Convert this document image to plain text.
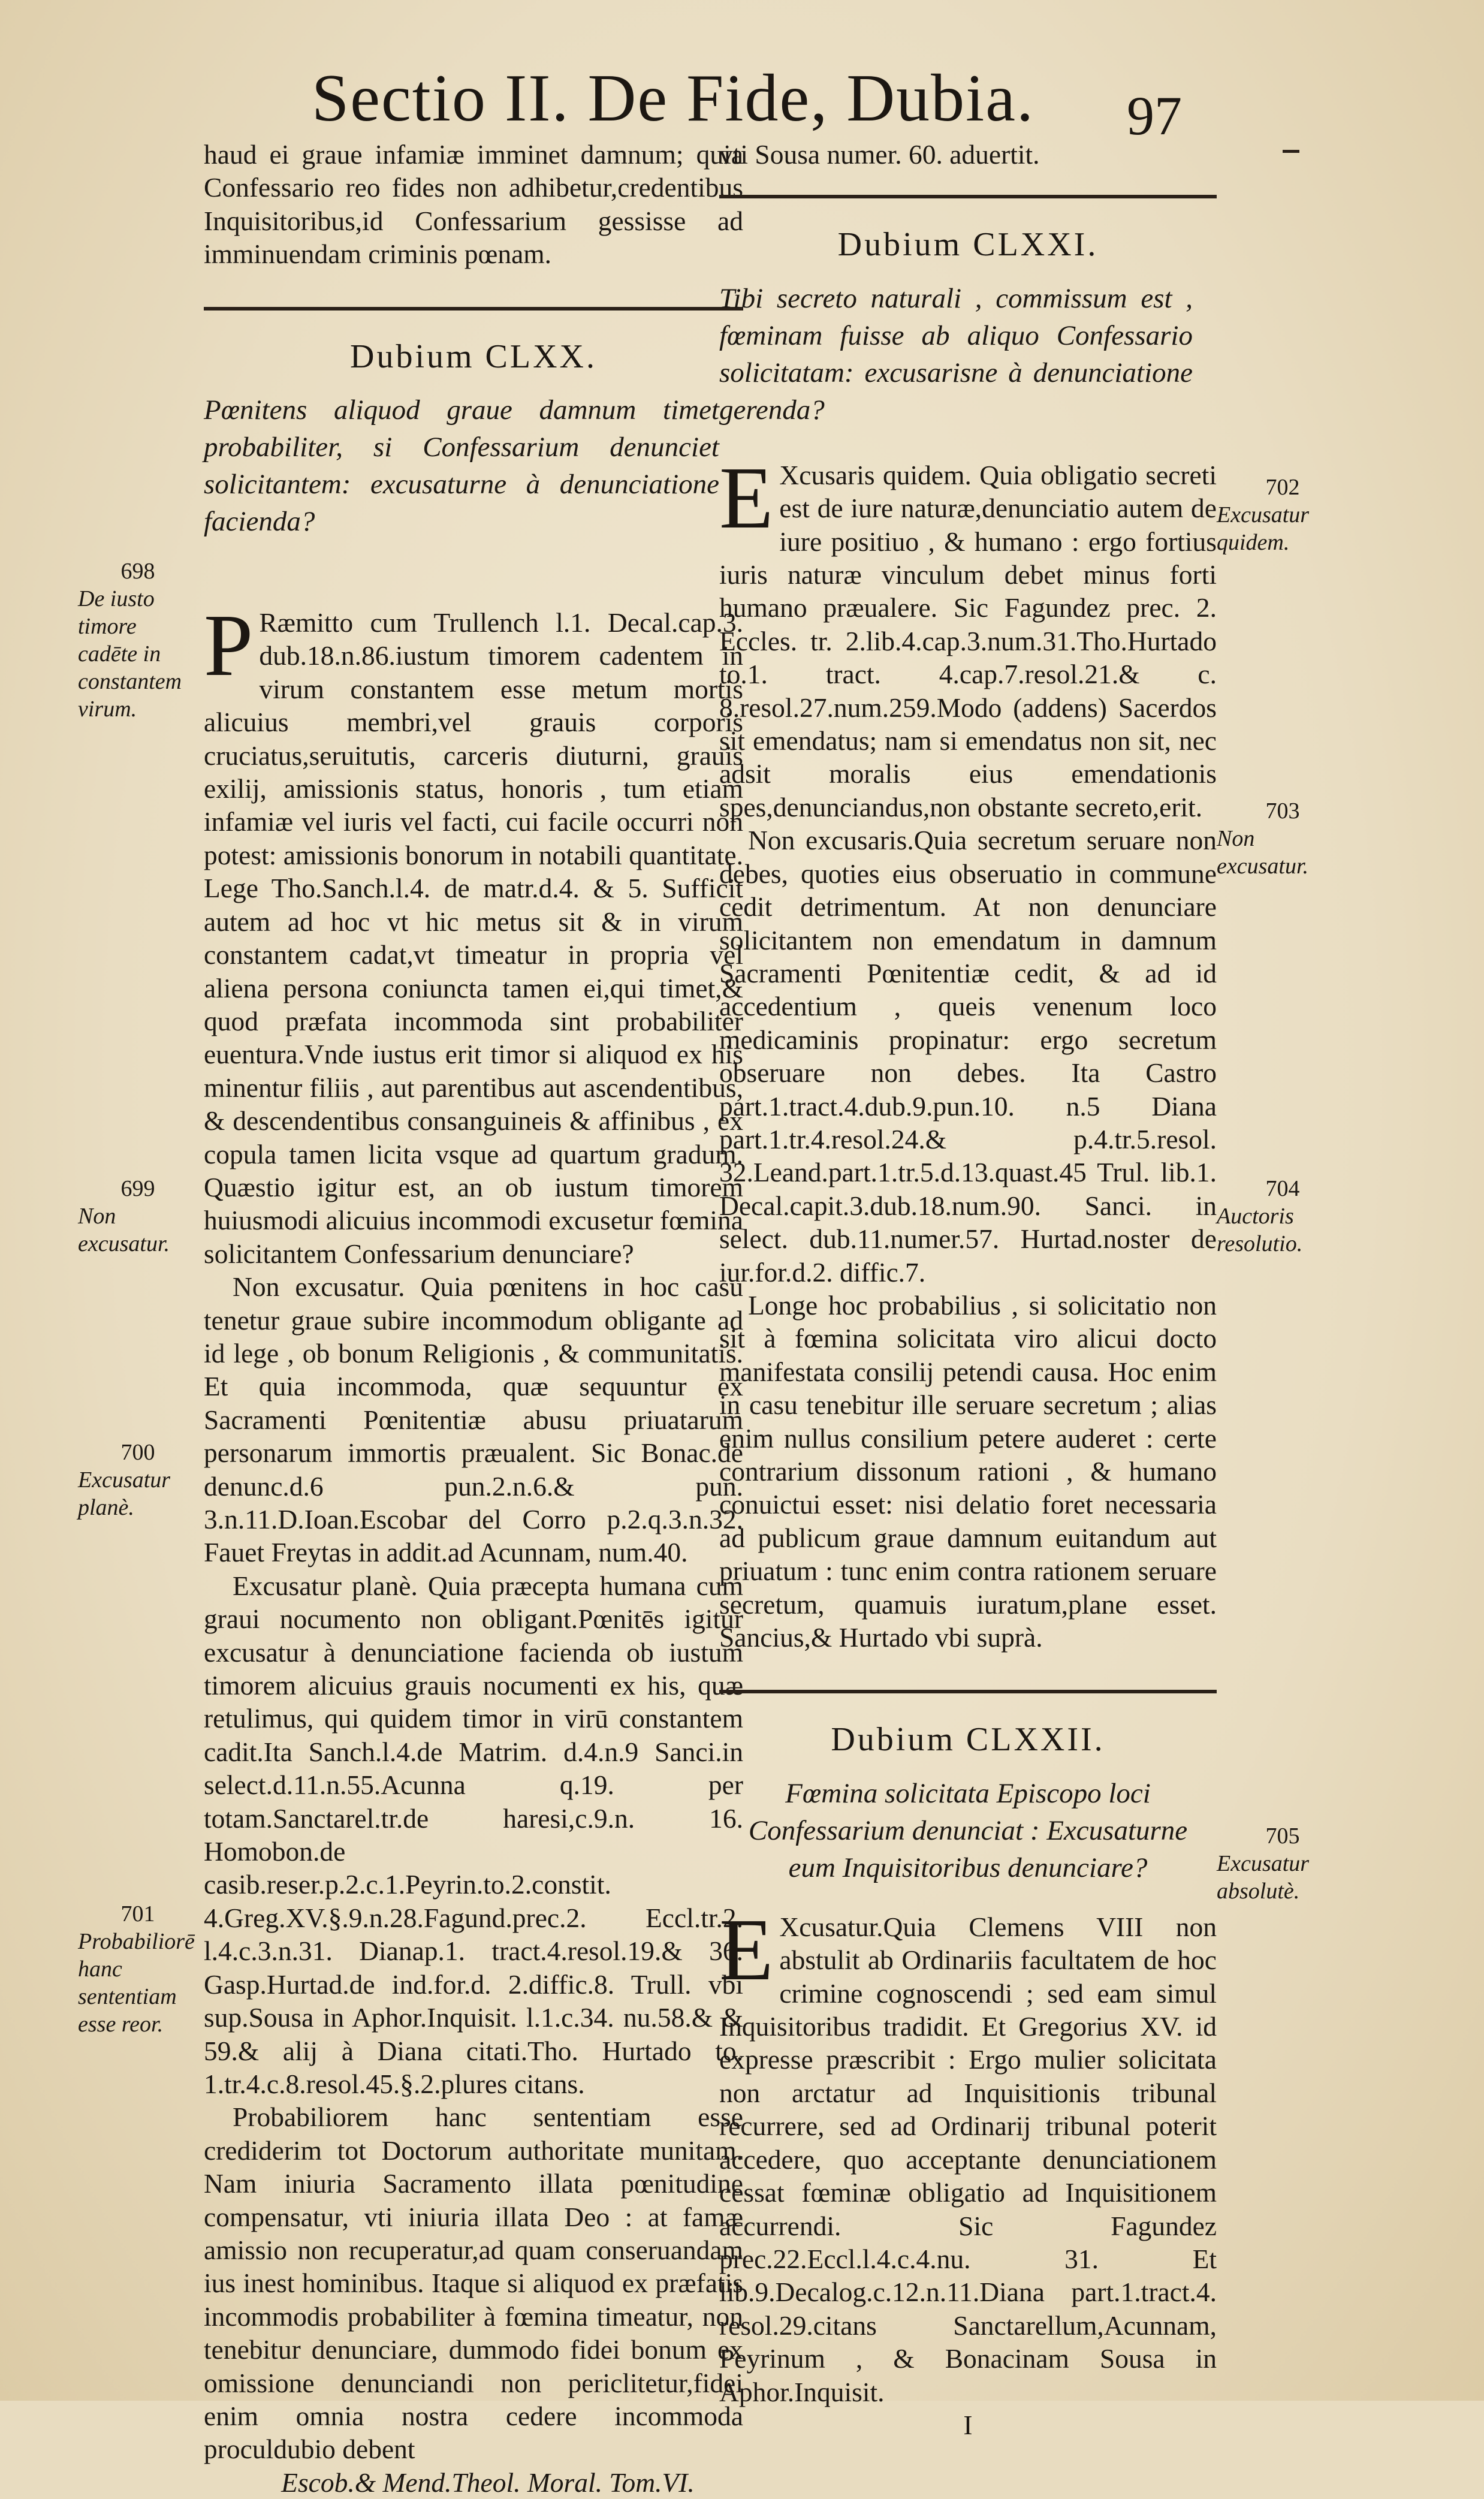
Sectio II. De Fide, Dubia. 97

haud ei graue infamiæ imminet damnum; quia Confessario reo fides non adhibetur,credentibus Inquisitoribus,id Confessarium gessisse ad imminuendam criminis pœnam.

Dubium CLXX.
Pœnitens aliquod graue damnum timet probabiliter, si Confessarium denunciet solicitantem: excusaturne à denunciatione facienda?

P Ræmitto cum Trullench l.1. Decal.cap.3. dub.18.n.86.iustum timorem cadentem in virum constantem esse metum mortis alicuius membri,vel grauis corporis cruciatus,seruitutis, carceris diuturni, grauis exilij, amissionis status, honoris , tum etiam infamiæ vel iuris vel facti, cui facile occurri non potest: amissionis bonorum in notabili quantitate. Lege Tho.Sanch.l.4. de matr.d.4. & 5. Sufficit autem ad hoc vt hic metus sit & in virum constantem cadat,vt timeatur in propria vel aliena persona coniuncta tamen ei,qui timet,& quod præfata incommoda sint probabiliter euentura.Vnde iustus erit timor si aliquod ex his minentur filiis , aut parentibus aut ascendentibus, & descendentibus consanguineis & affinibus , ex copula tamen licita vsque ad quartum gradum. Quæstio igitur est, an ob iustum timorem huiusmodi alicuius incommodi excusetur fœmina solicitantem Confessarium denunciare?

Non excusatur. Quia pœnitens in hoc casu tenetur graue subire incommodum obligante ad id lege , ob bonum Religionis , & communitatis. Et quia incommoda, quæ sequuntur ex Sacramenti Pœnitentiæ abusu priuatarum personarum immortis præualent. Sic Bonac.de denunc.d.6 pun.2.n.6.& pun. 3.n.11.D.Ioan.Escobar del Corro p.2.q.3.n.32. Fauet Freytas in addit.ad Acunnam, num.40.

Excusatur planè. Quia præcepta humana cum graui nocumento non obligant.Pœnitēs igitur excusatur à denunciatione facienda ob iustum timorem alicuius grauis nocumenti ex his, quæ retulimus, qui quidem timor in virū constantem cadit.Ita Sanch.l.4.de Matrim. d.4.n.9 Sanci.in select.d.11.n.55.Acunna q.19. per totam.Sanctarel.tr.de haresi,c.9.n. 16. Homobon.de casib.reser.p.2.c.1.Peyrin.to.2.constit. 4.Greg.XV.§.9.n.28.Fagund.prec.2. Eccl.tr.2. l.4.c.3.n.31. Dianap.1. tract.4.resol.19.& 36. Gasp.Hurtad.de ind.for.d. 2.diffic.8. Trull. vbi sup.Sousa in Aphor.Inquisit. l.1.c.34. nu.58.& & 59.& alij à Diana citati.Tho. Hurtado to. 1.tr.4.c.8.resol.45.§.2.plures citans.

Probabiliorem hanc sententiam esse crediderim tot Doctorum authoritate munitam. Nam iniuria Sacramento illata pœnitudine compensatur, vti iniuria illata Deo : at famæ amissio non recuperatur,ad quam conseruandam ius inest hominibus. Itaque si aliquod ex præfatis incommodis probabiliter à fœmina timeatur, non tenebitur denunciare, dummodo fidei bonum ex omissione denunciandi non periclitetur,fidei enim omnia nostra cedere incommoda proculdubio debent

Escob.& Mend.Theol. Moral. Tom.VI.

698
De iusto timore cadēte in constantem virum.
699
Non excusatur.
700
Excusatur planè.
701
Probabiliorē hanc sententiam esse reor.

vti Sousa numer. 60. aduertit.

Dubium CLXXI.
Tibi secreto naturali , commissum est , fœminam fuisse ab aliquo Confessario solicitatam: excusarisne à denunciatione gerenda?

E Xcusaris quidem. Quia obligatio secreti est de iure naturæ,denunciatio autem de iure positiuo , & humano : ergo fortius iuris naturæ vinculum debet minus forti humano præualere. Sic Fagundez prec. 2. Eccles. tr. 2.lib.4.cap.3.num.31.Tho.Hurtado to.1. tract. 4.cap.7.resol.21.& c. 8.resol.27.num.259.Modo (addens) Sacerdos sit emendatus; nam si emendatus non sit, nec adsit moralis eius emendationis spes,denunciandus,non obstante secreto,erit.

Non excusaris.Quia secretum seruare non debes, quoties eius obseruatio in commune cedit detrimentum. At non denunciare solicitantem non emendatum in damnum Sacramenti Pœnitentiæ cedit, & ad id accedentium , queis venenum loco medicaminis propinatur: ergo secretum obseruare non debes. Ita Castro part.1.tract.4.dub.9.pun.10. n.5 Diana part.1.tr.4.resol.24.& p.4.tr.5.resol. 32.Leand.part.1.tr.5.d.13.quast.45 Trul. lib.1. Decal.capit.3.dub.18.num.90. Sanci. in select. dub.11.numer.57. Hurtad.noster de iur.for.d.2. diffic.7.

Longe hoc probabilius , si solicitatio non sit à fœmina solicitata viro alicui docto manifestata consilij petendi causa. Hoc enim in casu tenebitur ille seruare secretum ; alias enim nullus consilium petere auderet : certe contrarium dissonum rationi , & humano conuictui esset: nisi delatio foret necessaria ad publicum graue damnum euitandum aut priuatum : tunc enim contra rationem seruare secretum, quamuis iuratum,plane esset. Sancius,& Hurtado vbi suprà.

Dubium CLXXII.
Fœmina solicitata Episcopo loci Confessarium denunciat : Excusaturne eum Inquisitoribus denunciare?

E Xcusatur.Quia Clemens VIII non abstulit ab Ordinariis facultatem de hoc crimine cognoscendi ; sed eam simul Inquisitoribus tradidit. Et Gregorius XV. id expresse præscribit : Ergo mulier solicitata non arctatur ad Inquisitionis tribunal recurrere, sed ad Ordinarij tribunal poterit accedere, quo acceptante denunciationem cessat fœminæ obligatio ad Inquisitionem accurrendi. Sic Fagundez prec.22.Eccl.l.4.c.4.nu. 31. Et lib.9.Decalog.c.12.n.11.Diana part.1.tract.4. resol.29.citans Sanctarellum,Acunnam, Peyrinum , & Bonacinam Sousa in Aphor.Inquisit.

I

702
Excusatur quidem.
703
Non excusatur.
704
Auctoris resolutio.
705
Excusatur absolutè.
